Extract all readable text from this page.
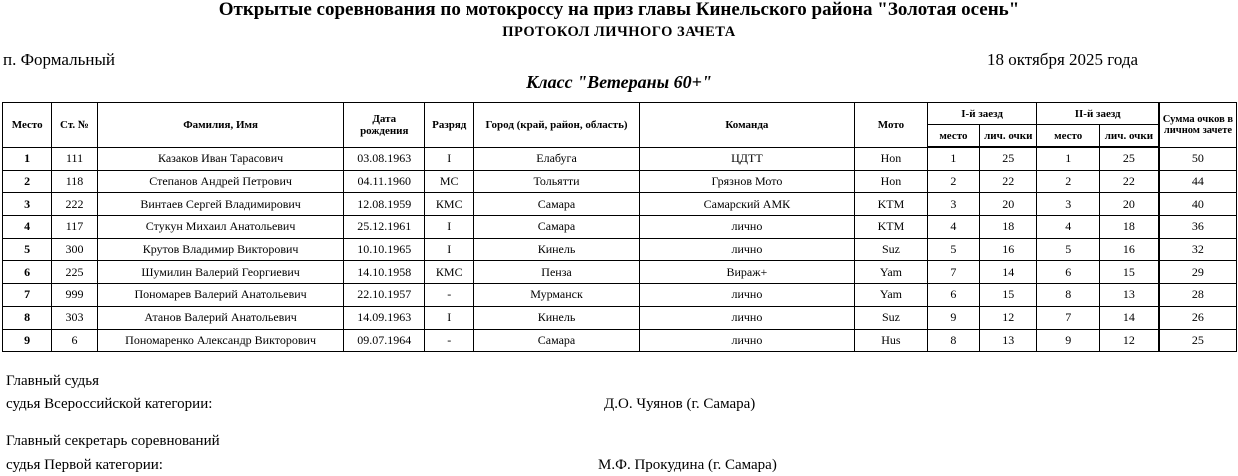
Открытые соревнования по мотокроссу на приз главы Кинельского района "Золотая осень"
ПРОТОКОЛ ЛИЧНОГО ЗАЧЕТА
п. Формальный	18 октября 2025 года
Класс "Ветераны 60+"
Место	Ст. №	Фамилия, Имя	Дата рождения	Разряд	Город (край, район, область)	Команда	Мото	I-й заезд		II-й заезд		Сумма очков в личном зачете
								место	лич. очки	место	лич. очки	
1	111	Казаков Иван Тарасович	03.08.1963	I	Елабуга	ЦДТТ	Hon	1	25	1	25	50
2	118	Степанов Андрей Петрович	04.11.1960	МС	Тольятти	Грязнов Мото	Hon	2	22	2	22	44
3	222	Винтаев Сергей Владимирович	12.08.1959	КМС	Самара	Самарский АМК	KTM	3	20	3	20	40
4	117	Стукун Михаил Анатольевич	25.12.1961	I	Самара	лично	KTM	4	18	4	18	36
5	300	Крутов Владимир Викторович	10.10.1965	I	Кинель	лично	Suz	5	16	5	16	32
6	225	Шумилин Валерий Георгиевич	14.10.1958	КМС	Пенза	Вираж+	Yam	7	14	6	15	29
7	999	Пономарев Валерий Анатольевич	22.10.1957	-	Мурманск	лично	Yam	6	15	8	13	28
8	303	Атанов Валерий Анатольевич	14.09.1963	I	Кинель	лично	Suz	9	12	7	14	26
9	6	Пономаренко Александр Викторович	09.07.1964	-	Самара	лично	Hus	8	13	9	12	25
Главный судья
судья Всероссийской категории:	Д.О. Чуянов (г. Самара)
Главный секретарь соревнований
судья Первой категории:	М.Ф. Прокудина (г. Самара)
